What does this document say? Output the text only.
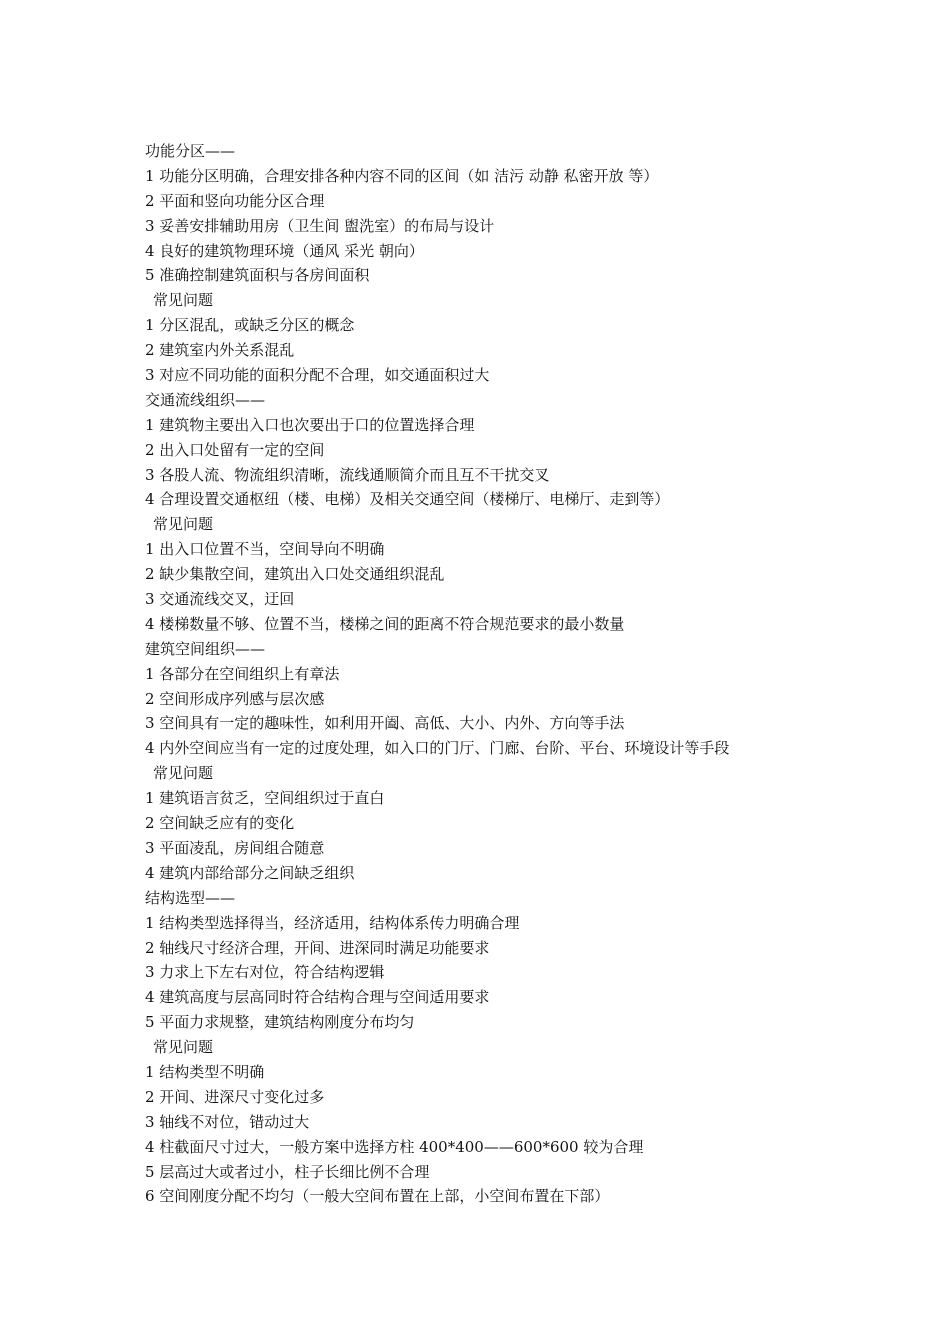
功能分区——
1 功能分区明确，合理安排各种内容不同的区间（如 洁污 动静 私密开放 等）
2 平面和竖向功能分区合理
3 妥善安排辅助用房（卫生间 盥洗室）的布局与设计
4 良好的建筑物理环境（通风 采光 朝向）
5 准确控制建筑面积与各房间面积
常见问题
1 分区混乱，或缺乏分区的概念
2 建筑室内外关系混乱
3 对应不同功能的面积分配不合理，如交通面积过大
交通流线组织——
1 建筑物主要出入口也次要出于口的位置选择合理
2 出入口处留有一定的空间
3 各股人流、物流组织清晰，流线通顺简介而且互不干扰交叉
4 合理设置交通枢纽（楼、电梯）及相关交通空间（楼梯厅、电梯厅、走到等）
常见问题
1 出入口位置不当，空间导向不明确
2 缺少集散空间，建筑出入口处交通组织混乱
3 交通流线交叉，迂回
4 楼梯数量不够、位置不当，楼梯之间的距离不符合规范要求的最小数量
建筑空间组织——
1 各部分在空间组织上有章法
2 空间形成序列感与层次感
3 空间具有一定的趣味性，如利用开阖、高低、大小、内外、方向等手法
4 内外空间应当有一定的过度处理，如入口的门厅、门廊、台阶、平台、环境设计等手段
常见问题
1 建筑语言贫乏，空间组织过于直白
2 空间缺乏应有的变化
3 平面凌乱，房间组合随意
4 建筑内部给部分之间缺乏组织
结构选型——
1 结构类型选择得当，经济适用，结构体系传力明确合理
2 轴线尺寸经济合理，开间、进深同时满足功能要求
3 力求上下左右对位，符合结构逻辑
4 建筑高度与层高同时符合结构合理与空间适用要求
5 平面力求规整，建筑结构刚度分布均匀
常见问题
1 结构类型不明确
2 开间、进深尺寸变化过多
3 轴线不对位，错动过大
4 柱截面尺寸过大，一般方案中选择方柱 400*400——600*600 较为合理
5 层高过大或者过小，柱子长细比例不合理
6 空间刚度分配不均匀（一般大空间布置在上部，小空间布置在下部）
